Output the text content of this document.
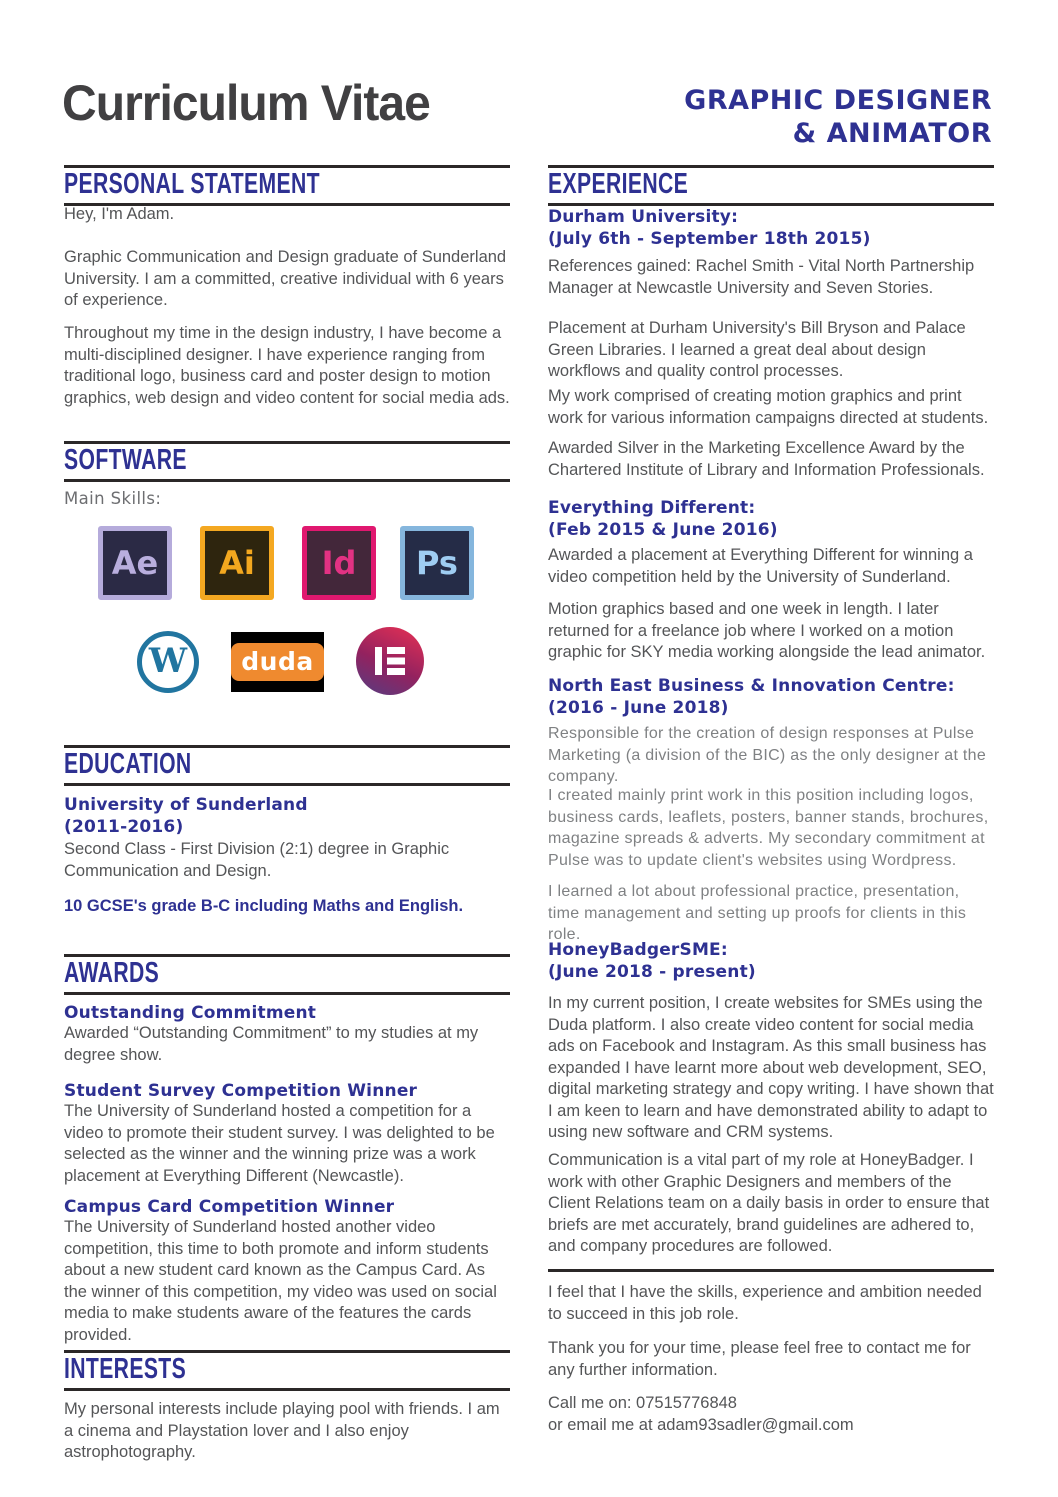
Curriculum Vitae	GRAPHIC DESIGNER
& ANIMATOR
PERSONAL STATEMENT
Hey, I'm Adam.
Graphic Communication and Design graduate of Sunderland University. I am a committed, creative individual with 6 years of experience.
Throughout my time in the design industry, I have become a multi-disciplined designer. I have experience ranging from traditional logo, business card and poster design to motion graphics, web design and video content for social media ads.
SOFTWARE
Main Skills:
Ae Ai Id Ps
W duda
EDUCATION
University of Sunderland
(2011-2016)
Second Class - First Division (2:1) degree in Graphic Communication and Design.
10 GCSE's grade B-C including Maths and English.
AWARDS
Outstanding Commitment
Awarded “Outstanding Commitment” to my studies at my degree show.
Student Survey Competition Winner
The University of Sunderland hosted a competition for a video to promote their student survey. I was delighted to be selected as the winner and the winning prize was a work placement at Everything Different (Newcastle).
Campus Card Competition Winner
The University of Sunderland hosted another video competition, this time to both promote and inform students about a new student card known as the Campus Card. As the winner of this competition, my video was used on social media to make students aware of the features the cards provided.
INTERESTS
My personal interests include playing pool with friends. I am a cinema and Playstation lover and I also enjoy astrophotography.
EXPERIENCE
Durham University:
(July 6th - September 18th 2015)
References gained: Rachel Smith - Vital North Partnership Manager at Newcastle University and Seven Stories.
Placement at Durham University's Bill Bryson and Palace Green Libraries. I learned a great deal about design workflows and quality control processes.
My work comprised of creating motion graphics and print work for various information campaigns directed at students.
Awarded Silver in the Marketing Excellence Award by the Chartered Institute of Library and Information Professionals.
Everything Different:
(Feb 2015 & June 2016)
Awarded a placement at Everything Different for winning a video competition held by the University of Sunderland.
Motion graphics based and one week in length. I later returned for a freelance job where I worked on a motion graphic for SKY media working alongside the lead animator.
North East Business & Innovation Centre:
(2016 - June 2018)
Responsible for the creation of design responses at Pulse Marketing (a division of the BIC) as the only designer at the company.
I created mainly print work in this position including logos, business cards, leaflets, posters, banner stands, brochures, magazine spreads & adverts. My secondary commitment at Pulse was to update client's websites using Wordpress.
I learned a lot about professional practice, presentation, time management and setting up proofs for clients in this role.
HoneyBadgerSME:
(June 2018 - present)
In my current position, I create websites for SMEs using the Duda platform. I also create video content for social media ads on Facebook and Instagram. As this small business has expanded I have learnt more about web development, SEO, digital marketing strategy and copy writing. I have shown that I am keen to learn and have demonstrated ability to adapt to using new software and CRM systems.
Communication is a vital part of my role at HoneyBadger. I work with other Graphic Designers and members of the Client Relations team on a daily basis in order to ensure that briefs are met accurately, brand guidelines are adhered to, and company procedures are followed.
I feel that I have the skills, experience and ambition needed to succeed in this job role.
Thank you for your time, please feel free to contact me for any further information.
Call me on: 07515776848
or email me at adam93sadler@gmail.com
